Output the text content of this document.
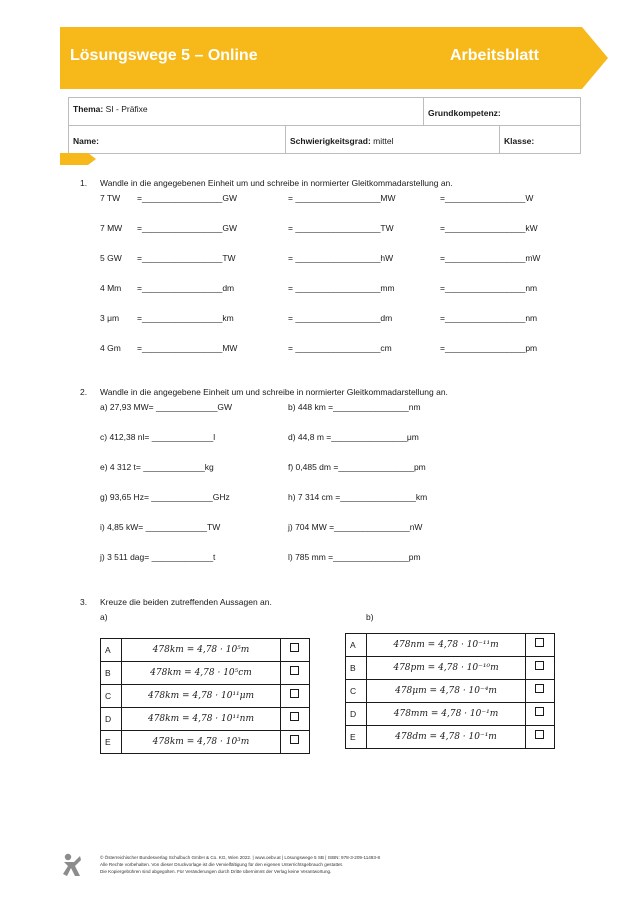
Lösungswege 5 – Online	Arbeitsblatt
Thema: SI - Präfixe	Grundkompetenz:
Name:	Schwierigkeitsgrad: mittel	Klasse:
1. Wandle in die angegebenen Einheit um und schreibe in normierter Gleitkommadarstellung an.
7 TW =_________________GW	= __________________MW	=_________________W
7 MW =_________________GW	= __________________TW	=_________________kW
5 GW =_________________TW	= __________________hW	=_________________mW
4 Mm =_________________dm	= __________________mm	=_________________nm
3 μm =_________________km	= __________________dm	=_________________nm
4 Gm =_________________MW	= __________________cm	=_________________pm
2. Wandle in die angegebene Einheit um und schreibe in normierter Gleitkommadarstellung an.
a) 27,93 MW= _____________GW	b) 448 km =________________nm
c) 412,38 nl= _____________l	d) 44,8 m =________________μm
e) 4 312 t= _____________kg	f) 0,485 dm =________________pm
g) 93,65 Hz= _____________GHz	h) 7 314 cm =________________km
i) 4,85 kW= _____________TW	j) 704 MW =________________nW
j) 3 511 dag= _____________t	l) 785 mm =________________pm
3. Kreuze die beiden zutreffenden Aussagen an.
a)	b)
A	478km = 4,78 · 10⁵m
B	478km = 4,78 · 10⁵cm
C	478km = 4,78 · 10¹¹μm
D	478km = 4,78 · 10¹¹nm
E	478km = 4,78 · 10³m
A	478nm = 4,78 · 10⁻¹¹m
B	478pm = 4,78 · 10⁻¹⁰m
C	478μm = 4,78 · 10⁻⁴m
D	478mm = 4,78 · 10⁻¹m
E	478dm = 4,78 · 10⁻¹m
© Österreichischer Bundesverlag Schulbuch GmbH & Co. KG, Wien 2022. | www.oebv.at | Lösungswege 5 SB | ISBN: 978-3-209-11493-8
Alle Rechte vorbehalten. Von dieser Druckvorlage ist die Vervielfältigung für den eigenen Unterrichtsgebrauch gestattet.
Die Kopiergebühren sind abgegolten. Für Veränderungen durch Dritte übernimmt der Verlag keine Verantwortung.
